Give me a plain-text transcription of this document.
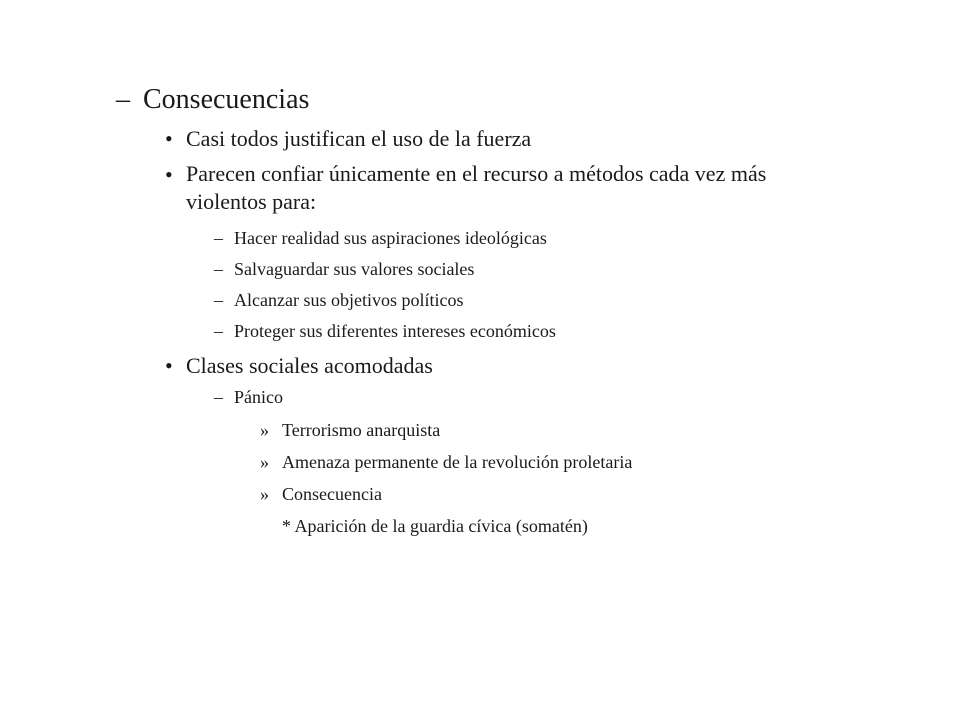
– Consecuencias
• Casi todos justifican el uso de la fuerza
• Parecen confiar únicamente en el recurso a métodos cada vez más violentos para:
– Hacer realidad sus aspiraciones ideológicas
– Salvaguardar sus valores sociales
– Alcanzar sus objetivos políticos
– Proteger sus diferentes intereses económicos
• Clases sociales acomodadas
– Pánico
» Terrorismo anarquista
» Amenaza permanente de la revolución proletaria
» Consecuencia
* Aparición de la guardia cívica (somatén)
